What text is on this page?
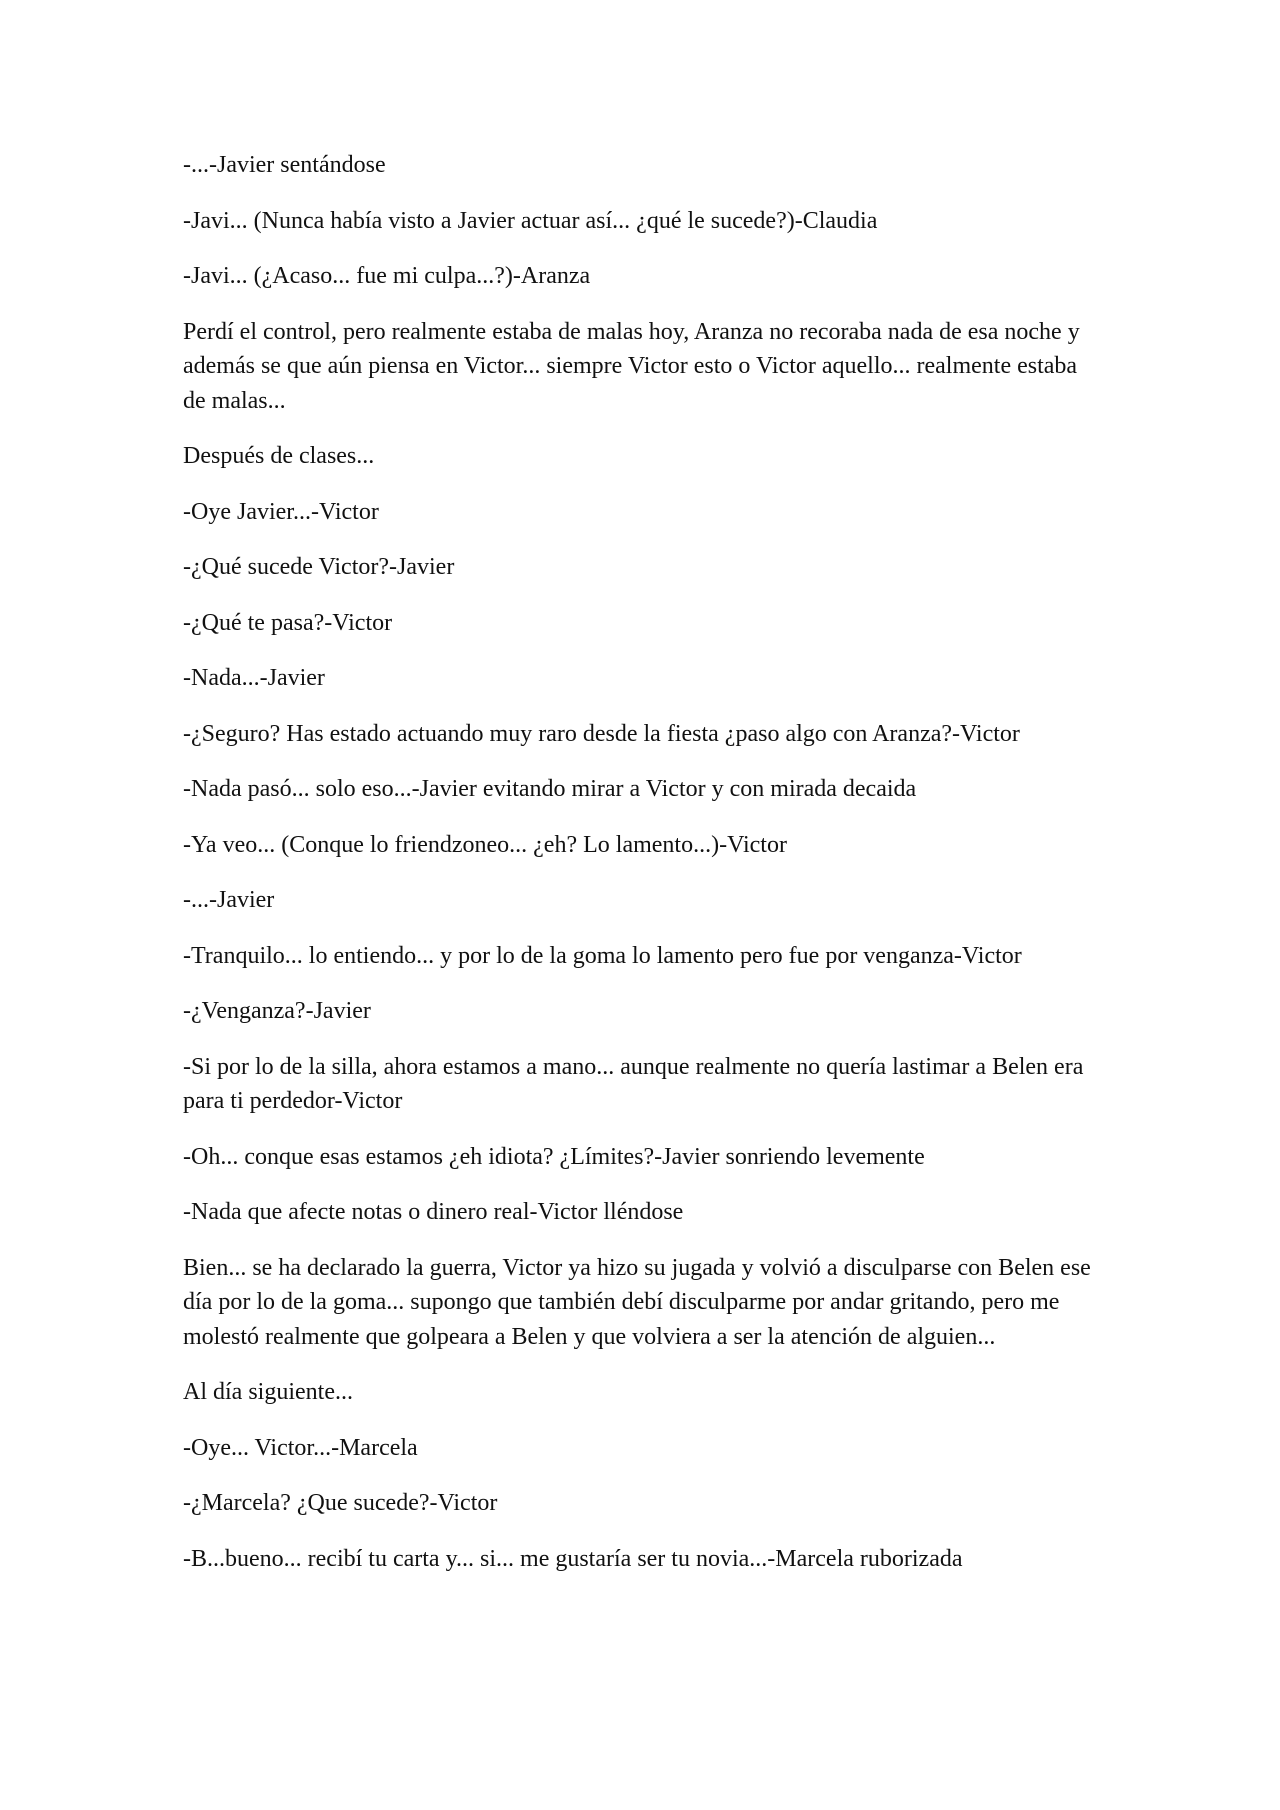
-...-Javier sentándose

-Javi... (Nunca había visto a Javier actuar así... ¿qué le sucede?)-Claudia

-Javi... (¿Acaso... fue mi culpa...?)-Aranza

Perdí el control, pero realmente estaba de malas hoy, Aranza no recoraba nada de esa noche y además se que aún piensa en Victor... siempre Victor esto o Victor aquello... realmente estaba de malas...

Después de clases...

-Oye Javier...-Victor

-¿Qué sucede Victor?-Javier

-¿Qué te pasa?-Victor

-Nada...-Javier

-¿Seguro? Has estado actuando muy raro desde la fiesta ¿paso algo con Aranza?-Victor

-Nada pasó... solo eso...-Javier evitando mirar a Victor y con mirada decaida

-Ya veo... (Conque lo friendzoneo... ¿eh? Lo lamento...)-Victor

-...-Javier

-Tranquilo... lo entiendo... y por lo de la goma lo lamento pero fue por venganza-Victor

-¿Venganza?-Javier

-Si por lo de la silla, ahora estamos a mano... aunque realmente no quería lastimar a Belen era para ti perdedor-Victor

-Oh... conque esas estamos ¿eh idiota? ¿Límites?-Javier sonriendo levemente

-Nada que afecte notas o dinero real-Victor lléndose

Bien... se ha declarado la guerra, Victor ya hizo su jugada y volvió a disculparse con Belen ese día por lo de la goma... supongo que también debí disculparme por andar gritando, pero me molestó realmente que golpeara a Belen y que volviera a ser la atención de alguien...

Al día siguiente...

-Oye... Victor...-Marcela

-¿Marcela? ¿Que sucede?-Victor

-B...bueno... recibí tu carta y... si... me gustaría ser tu novia...-Marcela ruborizada
